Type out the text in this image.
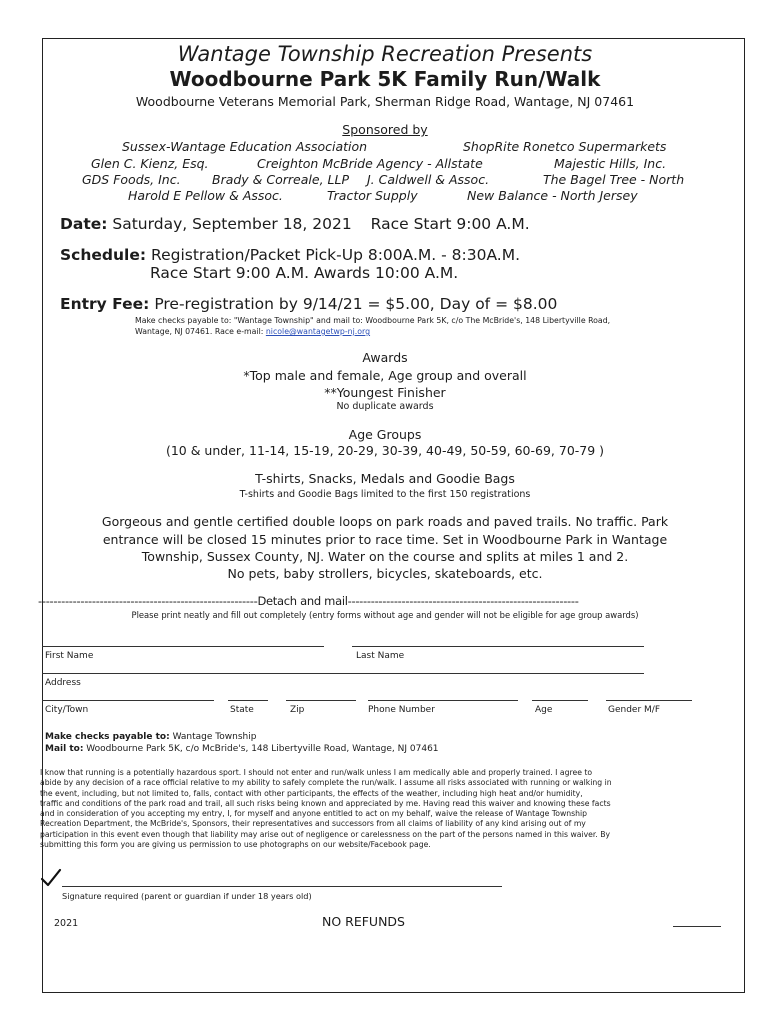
Wantage Township Recreation Presents
Woodbourne Park 5K Family Run/Walk
Woodbourne Veterans Memorial Park, Sherman Ridge Road, Wantage, NJ 07461
Sponsored by
Sussex-Wantage Education Association	ShopRite Ronetco Supermarkets
Glen C. Kienz, Esq.	Creighton McBride Agency - Allstate	Majestic Hills, Inc.
GDS Foods, Inc.	Brady & Correale, LLP J. Caldwell & Assoc.	The Bagel Tree - North
Harold E Pellow & Assoc.	Tractor Supply	New Balance - North Jersey
Date: Saturday, September 18, 2021 Race Start 9:00 A.M.
Schedule: Registration/Packet Pick-Up 8:00A.M. - 8:30A.M.
Race Start 9:00 A.M. Awards 10:00 A.M.
Entry Fee: Pre-registration by 9/14/21 = $5.00, Day of = $8.00
Make checks payable to: "Wantage Township" and mail to: Woodbourne Park 5K, c/o The McBride's, 148 Libertyville Road,
Wantage, NJ 07461. Race e-mail: nicole@wantagetwp-nj.org
Awards
*Top male and female, Age group and overall
**Youngest Finisher
No duplicate awards
Age Groups
(10 & under, 11-14, 15-19, 20-29, 30-39, 40-49, 50-59, 60-69, 70-79 )
T-shirts, Snacks, Medals and Goodie Bags
T-shirts and Goodie Bags limited to the first 150 registrations
Gorgeous and gentle certified double loops on park roads and paved trails. No traffic. Park
entrance will be closed 15 minutes prior to race time. Set in Woodbourne Park in Wantage
Township, Sussex County, NJ. Water on the course and splits at miles 1 and 2.
No pets, baby strollers, bicycles, skateboards, etc.
---------------------------------------------------------Detach and mail------------------------------------------------------------
Please print neatly and fill out completely (entry forms without age and gender will not be eligible for age group awards)
First Name	Last Name
Address
City/Town	State	Zip	Phone Number	Age	Gender M/F
Make checks payable to: Wantage Township
Mail to: Woodbourne Park 5K, c/o McBride's, 148 Libertyville Road, Wantage, NJ 07461
I know that running is a potentially hazardous sport. I should not enter and run/walk unless I am medically able and properly trained. I agree to
abide by any decision of a race official relative to my ability to safely complete the run/walk. I assume all risks associated with running or walking in
the event, including, but not limited to, falls, contact with other participants, the effects of the weather, including high heat and/or humidity,
traffic and conditions of the park road and trail, all such risks being known and appreciated by me. Having read this waiver and knowing these facts
and in consideration of you accepting my entry, I, for myself and anyone entitled to act on my behalf, waive the release of Wantage Township
Recreation Department, the McBride's, Sponsors, their representatives and successors from all claims of liability of any kind arising out of my
participation in this event even though that liability may arise out of negligence or carelessness on the part of the persons named in this waiver. By
submitting this form you are giving us permission to use photographs on our website/Facebook page.
Signature required (parent or guardian if under 18 years old)
2021	NO REFUNDS
